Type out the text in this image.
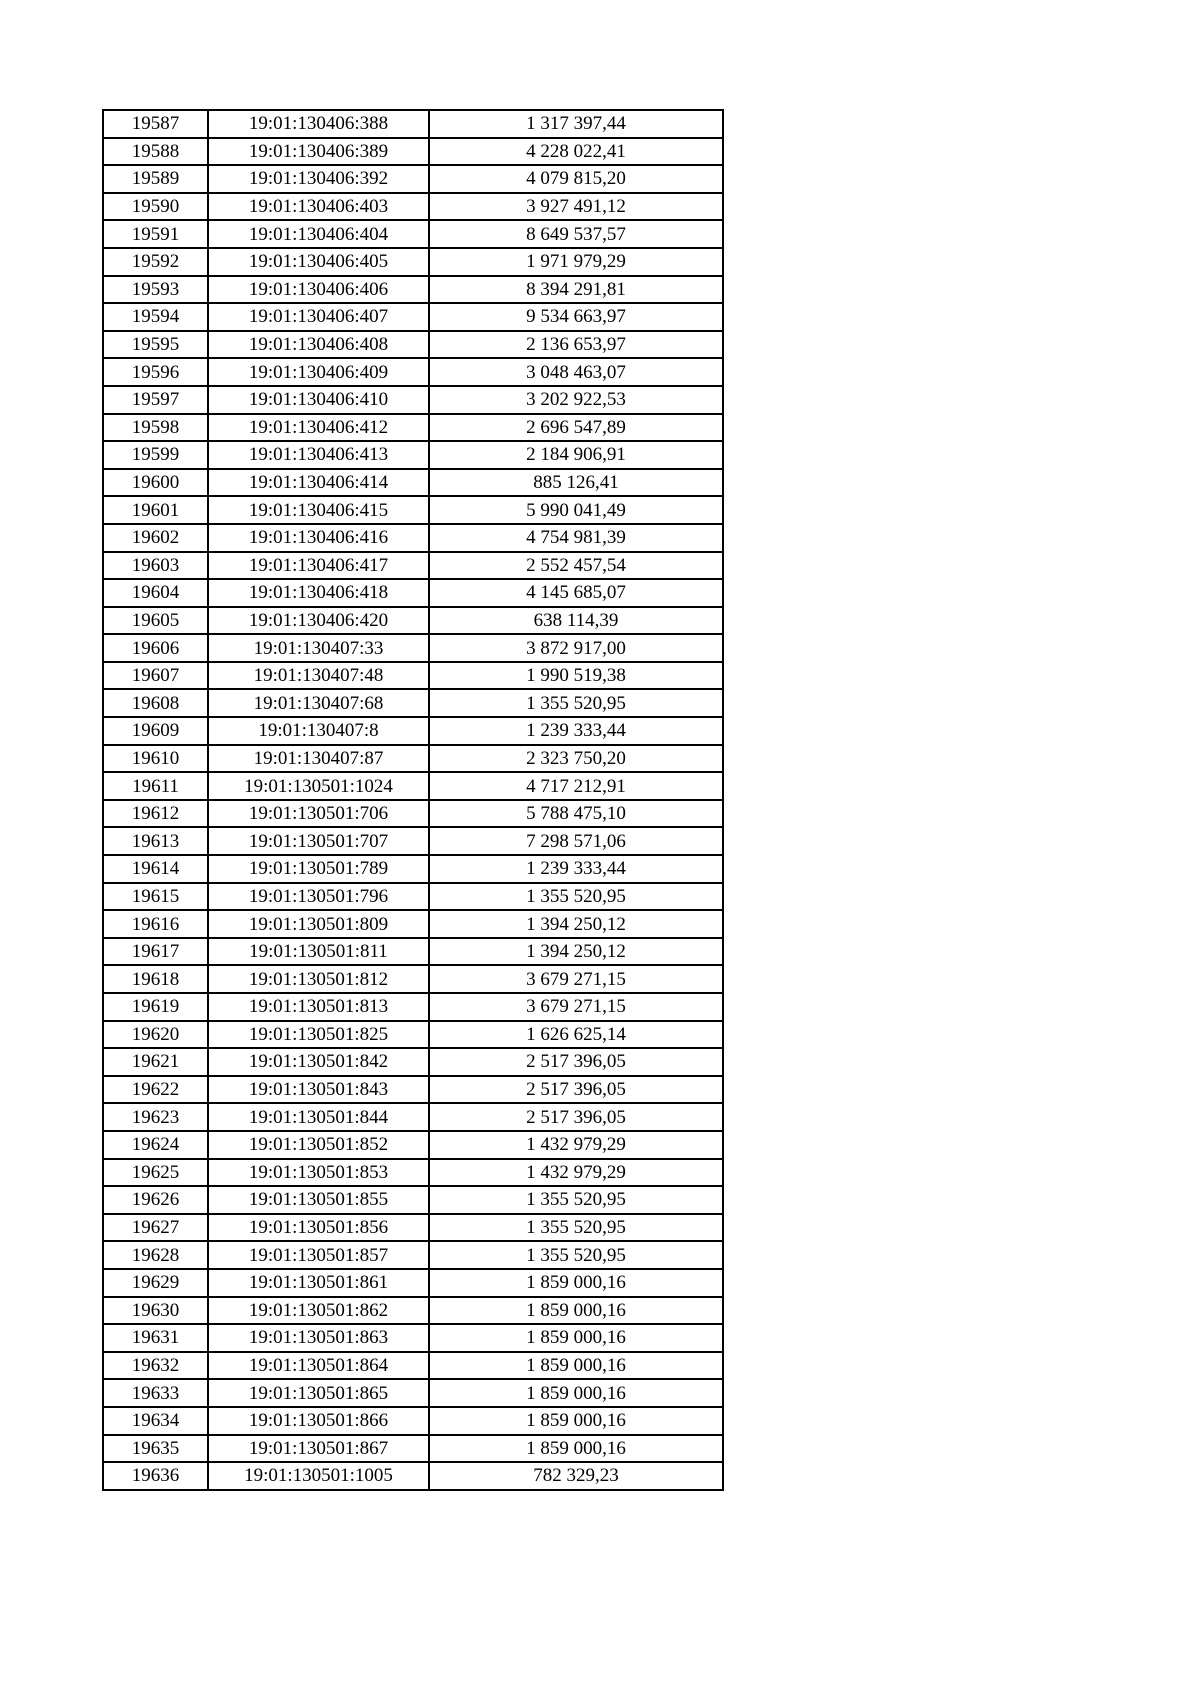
19587	19:01:130406:388	1 317 397,44
19588	19:01:130406:389	4 228 022,41
19589	19:01:130406:392	4 079 815,20
19590	19:01:130406:403	3 927 491,12
19591	19:01:130406:404	8 649 537,57
19592	19:01:130406:405	1 971 979,29
19593	19:01:130406:406	8 394 291,81
19594	19:01:130406:407	9 534 663,97
19595	19:01:130406:408	2 136 653,97
19596	19:01:130406:409	3 048 463,07
19597	19:01:130406:410	3 202 922,53
19598	19:01:130406:412	2 696 547,89
19599	19:01:130406:413	2 184 906,91
19600	19:01:130406:414	885 126,41
19601	19:01:130406:415	5 990 041,49
19602	19:01:130406:416	4 754 981,39
19603	19:01:130406:417	2 552 457,54
19604	19:01:130406:418	4 145 685,07
19605	19:01:130406:420	638 114,39
19606	19:01:130407:33	3 872 917,00
19607	19:01:130407:48	1 990 519,38
19608	19:01:130407:68	1 355 520,95
19609	19:01:130407:8	1 239 333,44
19610	19:01:130407:87	2 323 750,20
19611	19:01:130501:1024	4 717 212,91
19612	19:01:130501:706	5 788 475,10
19613	19:01:130501:707	7 298 571,06
19614	19:01:130501:789	1 239 333,44
19615	19:01:130501:796	1 355 520,95
19616	19:01:130501:809	1 394 250,12
19617	19:01:130501:811	1 394 250,12
19618	19:01:130501:812	3 679 271,15
19619	19:01:130501:813	3 679 271,15
19620	19:01:130501:825	1 626 625,14
19621	19:01:130501:842	2 517 396,05
19622	19:01:130501:843	2 517 396,05
19623	19:01:130501:844	2 517 396,05
19624	19:01:130501:852	1 432 979,29
19625	19:01:130501:853	1 432 979,29
19626	19:01:130501:855	1 355 520,95
19627	19:01:130501:856	1 355 520,95
19628	19:01:130501:857	1 355 520,95
19629	19:01:130501:861	1 859 000,16
19630	19:01:130501:862	1 859 000,16
19631	19:01:130501:863	1 859 000,16
19632	19:01:130501:864	1 859 000,16
19633	19:01:130501:865	1 859 000,16
19634	19:01:130501:866	1 859 000,16
19635	19:01:130501:867	1 859 000,16
19636	19:01:130501:1005	782 329,23
